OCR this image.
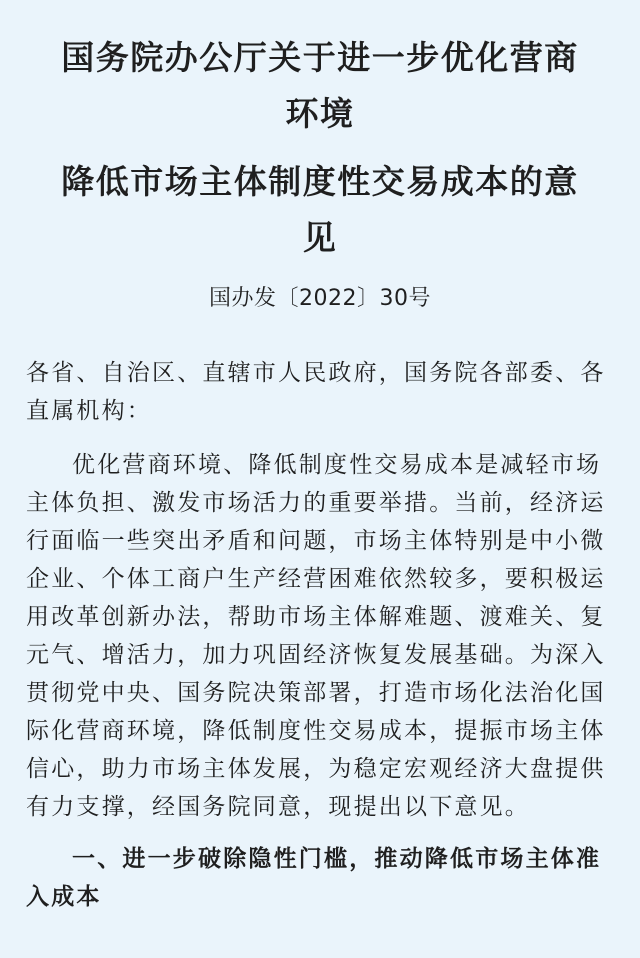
国务院办公厅关于进一步优化营商
环境
降低市场主体制度性交易成本的意
见
国办发〔2022〕30号
各省、自治区、直辖市人民政府，国务院各部委、各直属机构：
优化营商环境、降低制度性交易成本是减轻市场主体负担、激发市场活力的重要举措。当前，经济运行面临一些突出矛盾和问题，市场主体特别是中小微企业、个体工商户生产经营困难依然较多，要积极运用改革创新办法，帮助市场主体解难题、渡难关、复元气、增活力，加力巩固经济恢复发展基础。为深入贯彻党中央、国务院决策部署，打造市场化法治化国际化营商环境，降低制度性交易成本，提振市场主体信心，助力市场主体发展，为稳定宏观经济大盘提供有力支撑，经国务院同意，现提出以下意见。
一、进一步破除隐性门槛，推动降低市场主体准入成本
